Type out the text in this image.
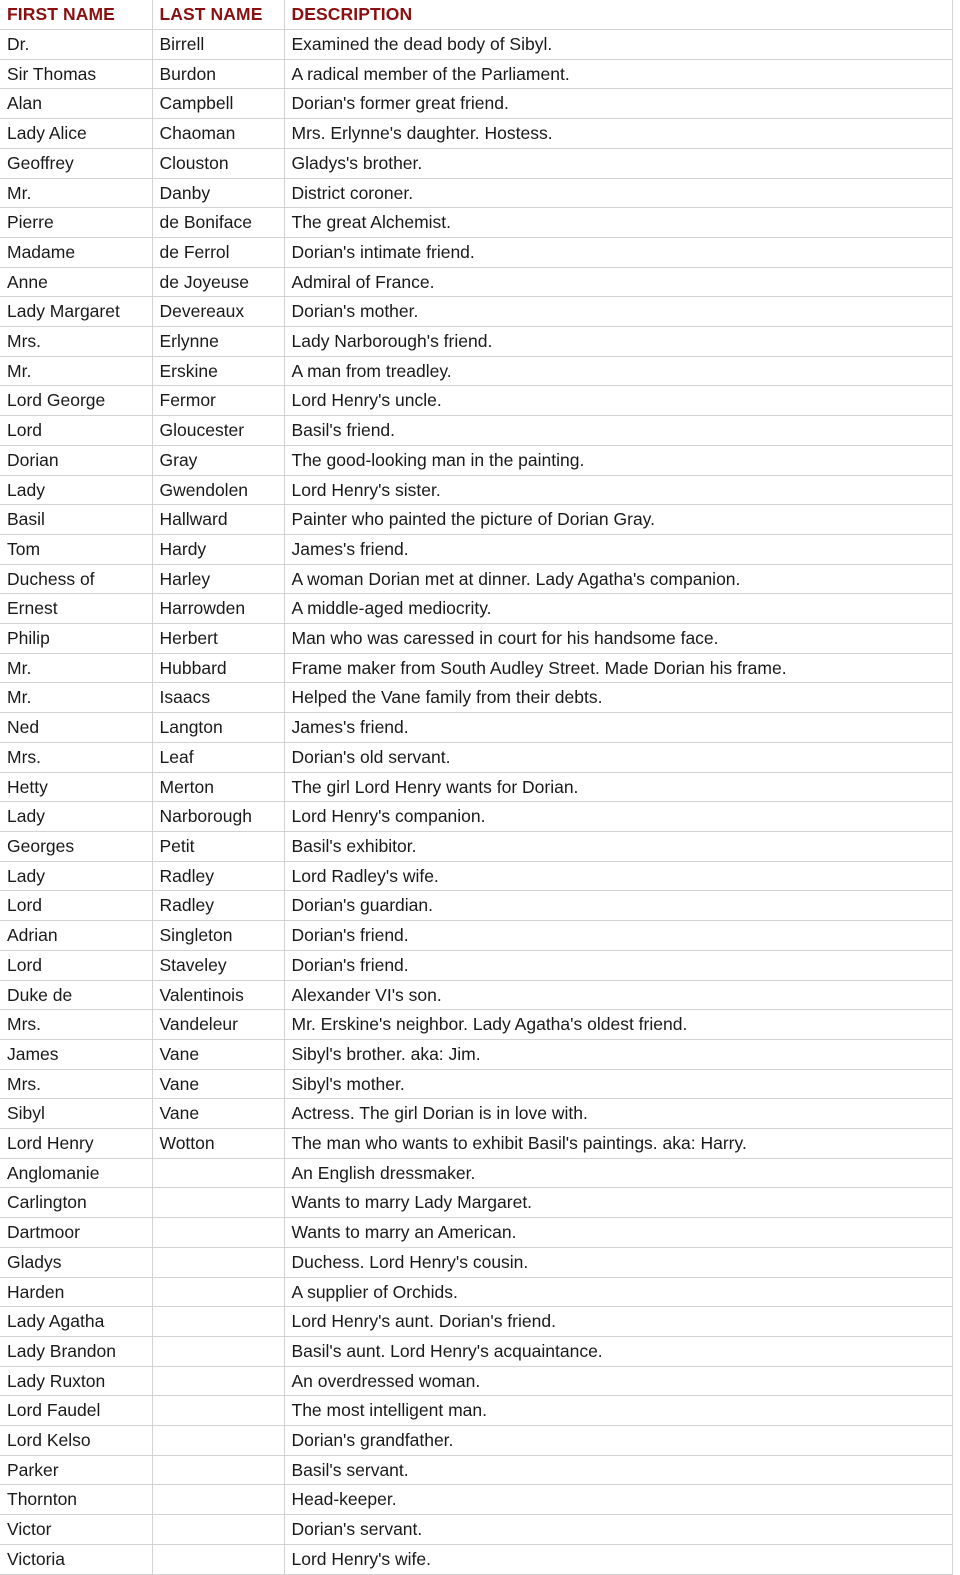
FIRST NAME	LAST NAME	DESCRIPTION
Dr.	Birrell	Examined the dead body of Sibyl.
Sir Thomas	Burdon	A radical member of the Parliament.
Alan	Campbell	Dorian's former great friend.
Lady Alice	Chaoman	Mrs. Erlynne's daughter. Hostess.
Geoffrey	Clouston	Gladys's brother.
Mr.	Danby	District coroner.
Pierre	de Boniface	The great Alchemist.
Madame	de Ferrol	Dorian's intimate friend.
Anne	de Joyeuse	Admiral of France.
Lady Margaret	Devereaux	Dorian's mother.
Mrs.	Erlynne	Lady Narborough's friend.
Mr.	Erskine	A man from treadley.
Lord George	Fermor	Lord Henry's uncle.
Lord	Gloucester	Basil's friend.
Dorian	Gray	The good-looking man in the painting.
Lady	Gwendolen	Lord Henry's sister.
Basil	Hallward	Painter who painted the picture of Dorian Gray.
Tom	Hardy	James's friend.
Duchess of	Harley	A woman Dorian met at dinner. Lady Agatha's companion.
Ernest	Harrowden	A middle-aged mediocrity.
Philip	Herbert	Man who was caressed in court for his handsome face.
Mr.	Hubbard	Frame maker from South Audley Street. Made Dorian his frame.
Mr.	Isaacs	Helped the Vane family from their debts.
Ned	Langton	James's friend.
Mrs.	Leaf	Dorian's old servant.
Hetty	Merton	The girl Lord Henry wants for Dorian.
Lady	Narborough	Lord Henry's companion.
Georges	Petit	Basil's exhibitor.
Lady	Radley	Lord Radley's wife.
Lord	Radley	Dorian's guardian.
Adrian	Singleton	Dorian's friend.
Lord	Staveley	Dorian's friend.
Duke de	Valentinois	Alexander VI's son.
Mrs.	Vandeleur	Mr. Erskine's neighbor. Lady Agatha's oldest friend.
James	Vane	Sibyl's brother. aka: Jim.
Mrs.	Vane	Sibyl's mother.
Sibyl	Vane	Actress. The girl Dorian is in love with.
Lord Henry	Wotton	The man who wants to exhibit Basil's paintings. aka: Harry.
Anglomanie		An English dressmaker.
Carlington		Wants to marry Lady Margaret.
Dartmoor		Wants to marry an American.
Gladys		Duchess. Lord Henry's cousin.
Harden		A supplier of Orchids.
Lady Agatha		Lord Henry's aunt. Dorian's friend.
Lady Brandon		Basil's aunt. Lord Henry's acquaintance.
Lady Ruxton		An overdressed woman.
Lord Faudel		The most intelligent man.
Lord Kelso		Dorian's grandfather.
Parker		Basil's servant.
Thornton		Head-keeper.
Victor		Dorian's servant.
Victoria		Lord Henry's wife.
